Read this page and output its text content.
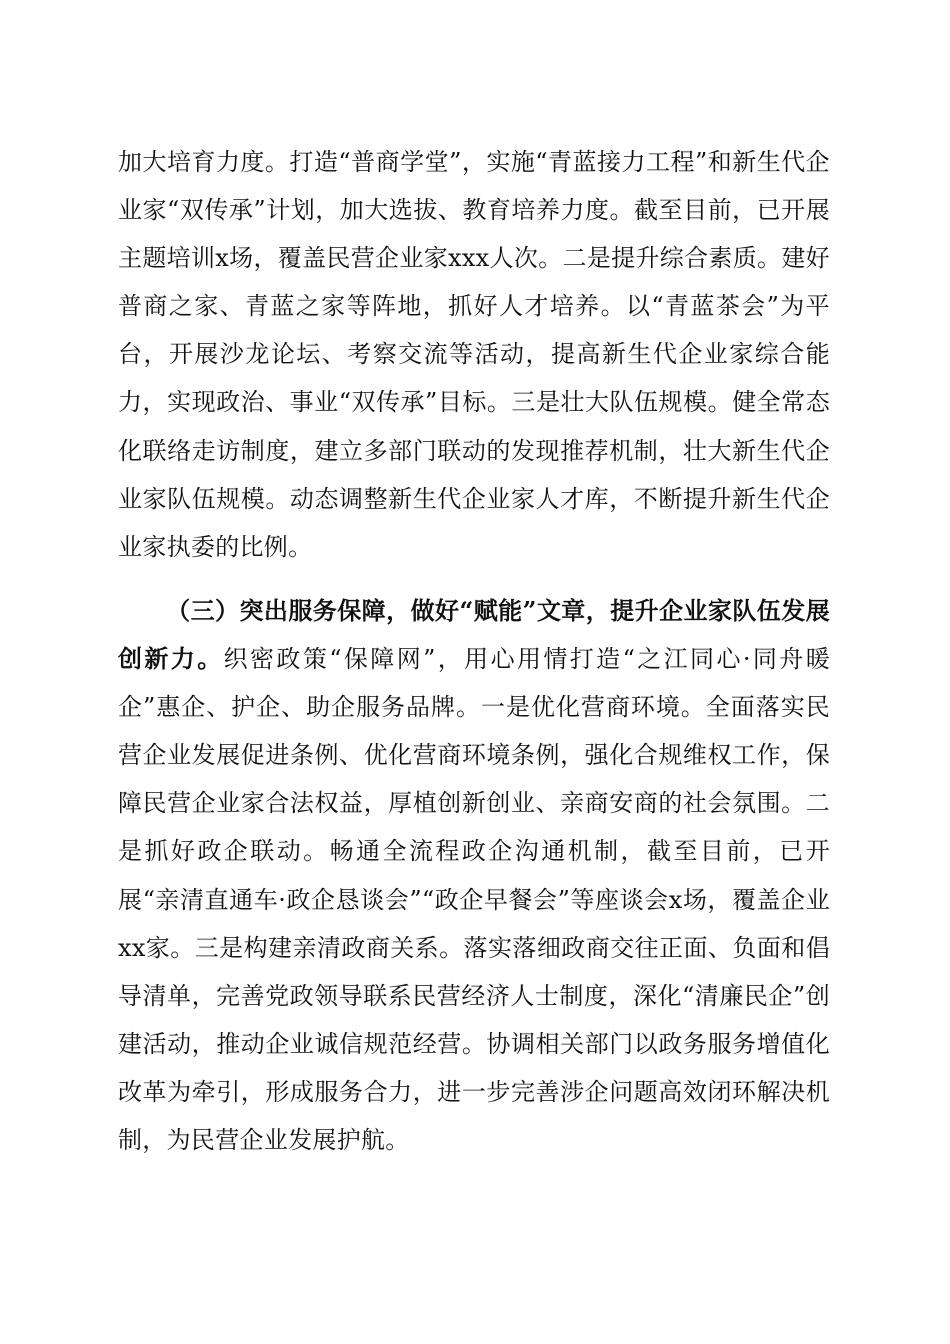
加大培育力度。打造“普商学堂”，实施“青蓝接力工程”和新生代企业家“双传承”计划，加大选拔、教育培养力度。截至目前，已开展主题培训x场，覆盖民营企业家xxx人次。二是提升综合素质。建好普商之家、青蓝之家等阵地，抓好人才培养。以“青蓝茶会”为平台，开展沙龙论坛、考察交流等活动，提高新生代企业家综合能力，实现政治、事业“双传承”目标。三是壮大队伍规模。健全常态化联络走访制度，建立多部门联动的发现推荐机制，壮大新生代企业家队伍规模。动态调整新生代企业家人才库，不断提升新生代企业家执委的比例。

（三）突出服务保障，做好“赋能”文章，提升企业家队伍发展创新力。织密政策“保障网”，用心用情打造“之江同心·同舟暖企”惠企、护企、助企服务品牌。一是优化营商环境。全面落实民营企业发展促进条例、优化营商环境条例，强化合规维权工作，保障民营企业家合法权益，厚植创新创业、亲商安商的社会氛围。二是抓好政企联动。畅通全流程政企沟通机制，截至目前，已开展“亲清直通车·政企恳谈会”“政企早餐会”等座谈会x场，覆盖企业xx家。三是构建亲清政商关系。落实落细政商交往正面、负面和倡导清单，完善党政领导联系民营经济人士制度，深化“清廉民企”创建活动，推动企业诚信规范经营。协调相关部门以政务服务增值化改革为牵引，形成服务合力，进一步完善涉企问题高效闭环解决机制，为民营企业发展护航。
